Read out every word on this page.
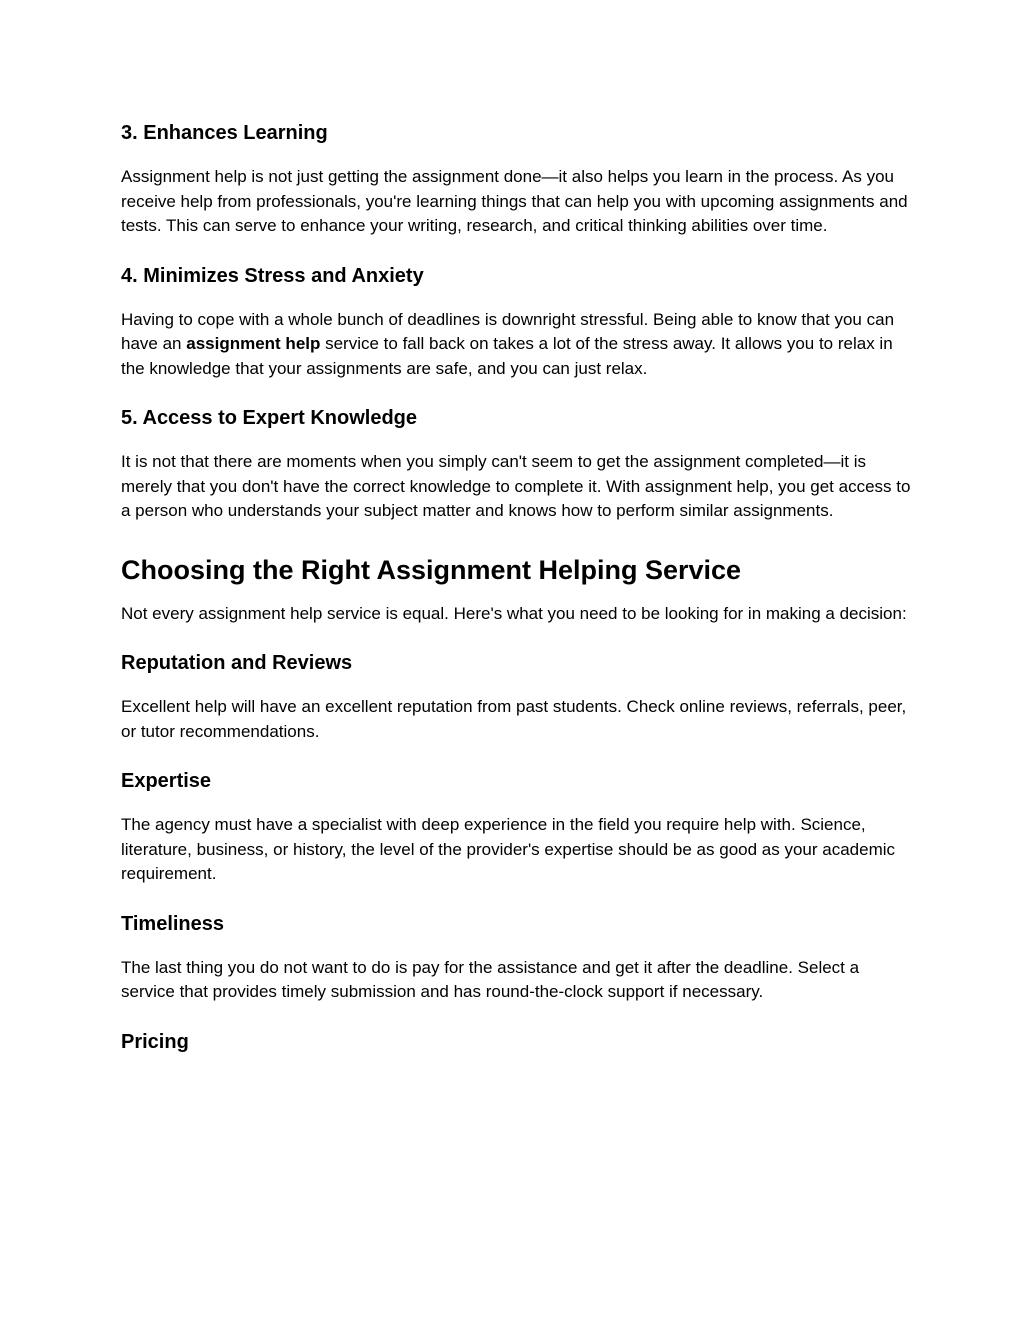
3. Enhances Learning

Assignment help is not just getting the assignment done—it also helps you learn in the process. As you receive help from professionals, you're learning things that can help you with upcoming assignments and tests. This can serve to enhance your writing, research, and critical thinking abilities over time.

4. Minimizes Stress and Anxiety

Having to cope with a whole bunch of deadlines is downright stressful. Being able to know that you can have an assignment help service to fall back on takes a lot of the stress away. It allows you to relax in the knowledge that your assignments are safe, and you can just relax.

5. Access to Expert Knowledge

It is not that there are moments when you simply can't seem to get the assignment completed—it is merely that you don't have the correct knowledge to complete it. With assignment help, you get access to a person who understands your subject matter and knows how to perform similar assignments.

Choosing the Right Assignment Helping Service

Not every assignment help service is equal. Here's what you need to be looking for in making a decision:

Reputation and Reviews

Excellent help will have an excellent reputation from past students. Check online reviews, referrals, peer, or tutor recommendations.

Expertise

The agency must have a specialist with deep experience in the field you require help with. Science, literature, business, or history, the level of the provider's expertise should be as good as your academic requirement.

Timeliness

The last thing you do not want to do is pay for the assistance and get it after the deadline. Select a service that provides timely submission and has round-the-clock support if necessary.

Pricing
